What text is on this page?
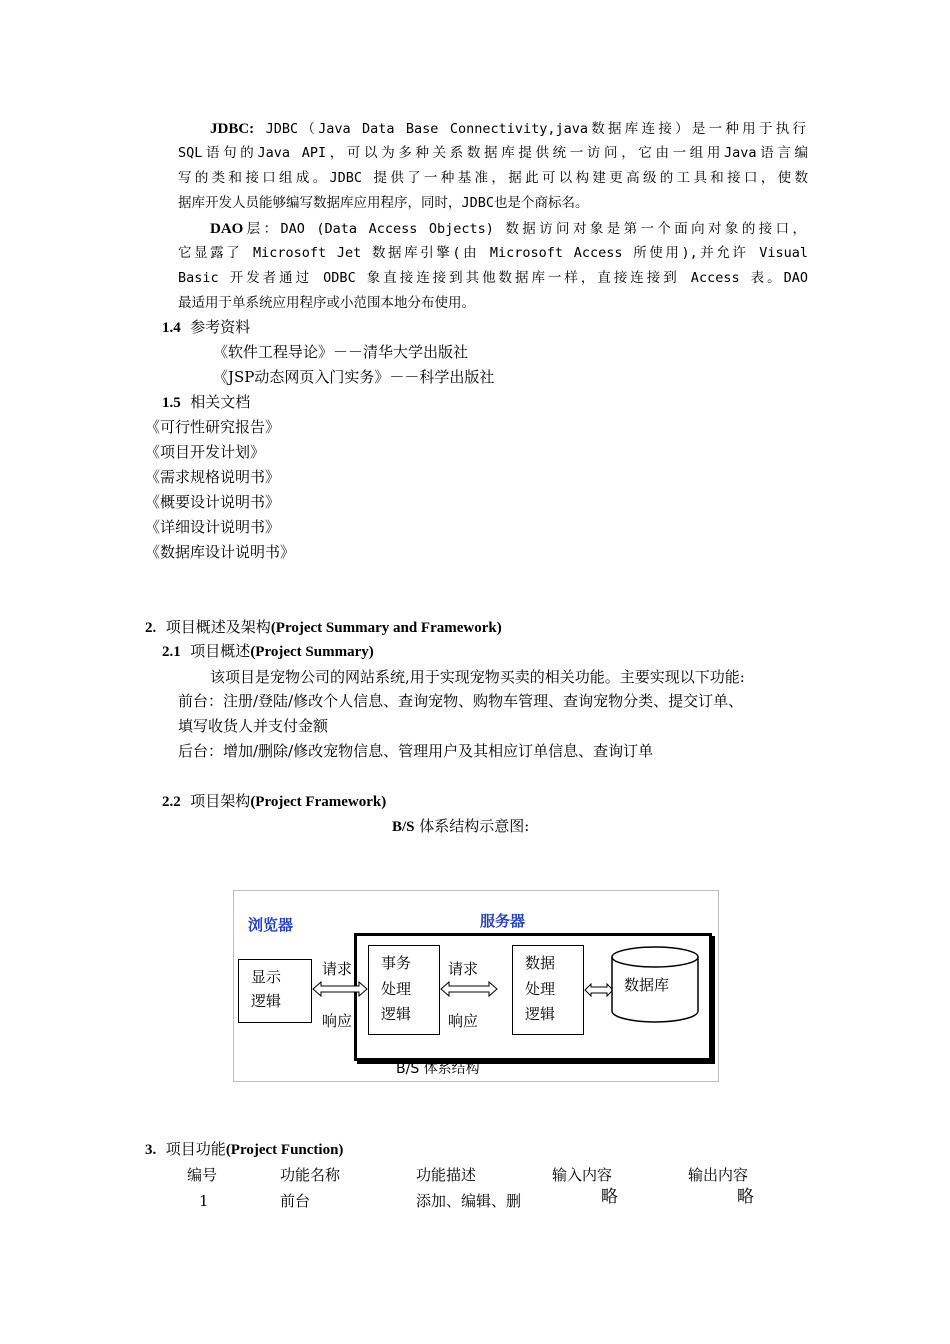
JDBC: JDBC（Java Data Base Connectivity,java数据库连接）是一种用于执行
SQL语句的Java API，可以为多种关系数据库提供统一访问，它由一组用Java语言编
写的类和接口组成。JDBC 提供了一种基准，据此可以构建更高级的工具和接口，使数
据库开发人员能够编写数据库应用程序，同时，JDBC也是个商标名。
DAO层：DAO (Data Access Objects) 数据访问对象是第一个面向对象的接口，
它显露了 Microsoft Jet 数据库引擎(由 Microsoft Access 所使用),并允许 Visual
Basic 开发者通过 ODBC 象直接连接到其他数据库一样，直接连接到 Access 表。DAO
最适用于单系统应用程序或小范围本地分布使用。
1.4 参考资料
《软件工程导论》－－清华大学出版社
《JSP动态网页入门实务》－－科学出版社
1.5 相关文档
《可行性研究报告》
《项目开发计划》
《需求规格说明书》
《概要设计说明书》
《详细设计说明书》
《数据库设计说明书》
2. 项目概述及架构(Project Summary and Framework)
2.1 项目概述(Project Summary)
该项目是宠物公司的网站系统,用于实现宠物买卖的相关功能。主要实现以下功能:
前台：注册/登陆/修改个人信息、查询宠物、购物车管理、查询宠物分类、提交订单、
填写收货人并支付金额
后台：增加/删除/修改宠物信息、管理用户及其相应订单信息、查询订单
2.2 项目架构(Project Framework)
B/S 体系结构示意图:
浏览器	服务器
显示
逻辑
请求
响应
事务
处理
逻辑
请求
响应
数据
处理
逻辑
数据库
B/S 体系结构
3. 项目功能(Project Function)
编号	功能名称	功能描述	输入内容	输出内容
1	前台	添加、编辑、删	略	略
